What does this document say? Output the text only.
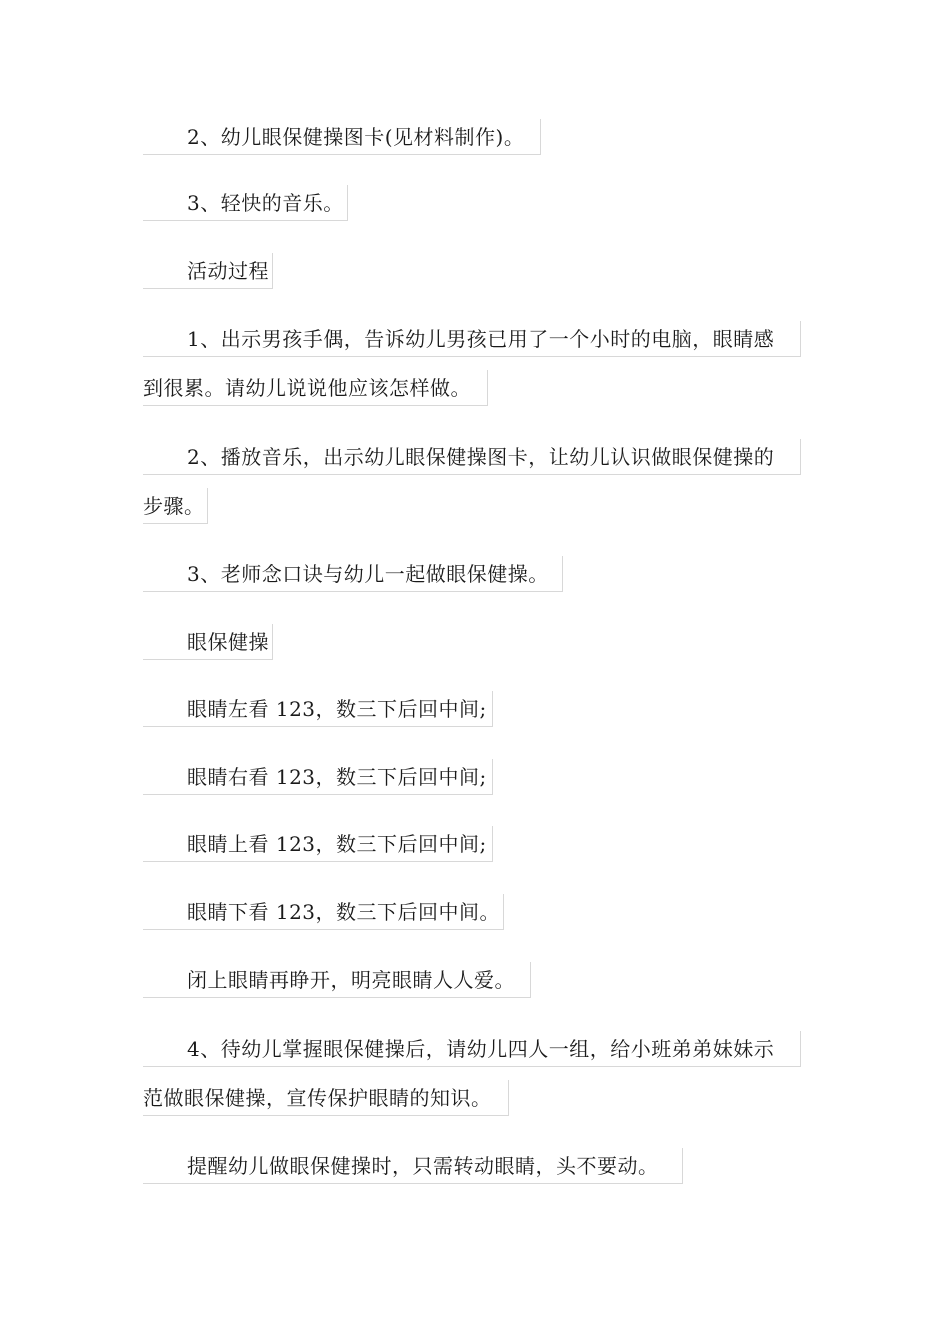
2、幼儿眼保健操图卡(见材料制作)。
3、轻快的音乐。
活动过程
1、出示男孩手偶，告诉幼儿男孩已用了一个小时的电脑，眼睛感
到很累。请幼儿说说他应该怎样做。
2、播放音乐，出示幼儿眼保健操图卡，让幼儿认识做眼保健操的
步骤。
3、老师念口诀与幼儿一起做眼保健操。
眼保健操
眼睛左看 123，数三下后回中间;
眼睛右看 123，数三下后回中间;
眼睛上看 123，数三下后回中间;
眼睛下看 123，数三下后回中间。
闭上眼睛再睁开，明亮眼睛人人爱。
4、待幼儿掌握眼保健操后，请幼儿四人一组，给小班弟弟妹妹示
范做眼保健操，宣传保护眼睛的知识。
提醒幼儿做眼保健操时，只需转动眼睛，头不要动。
